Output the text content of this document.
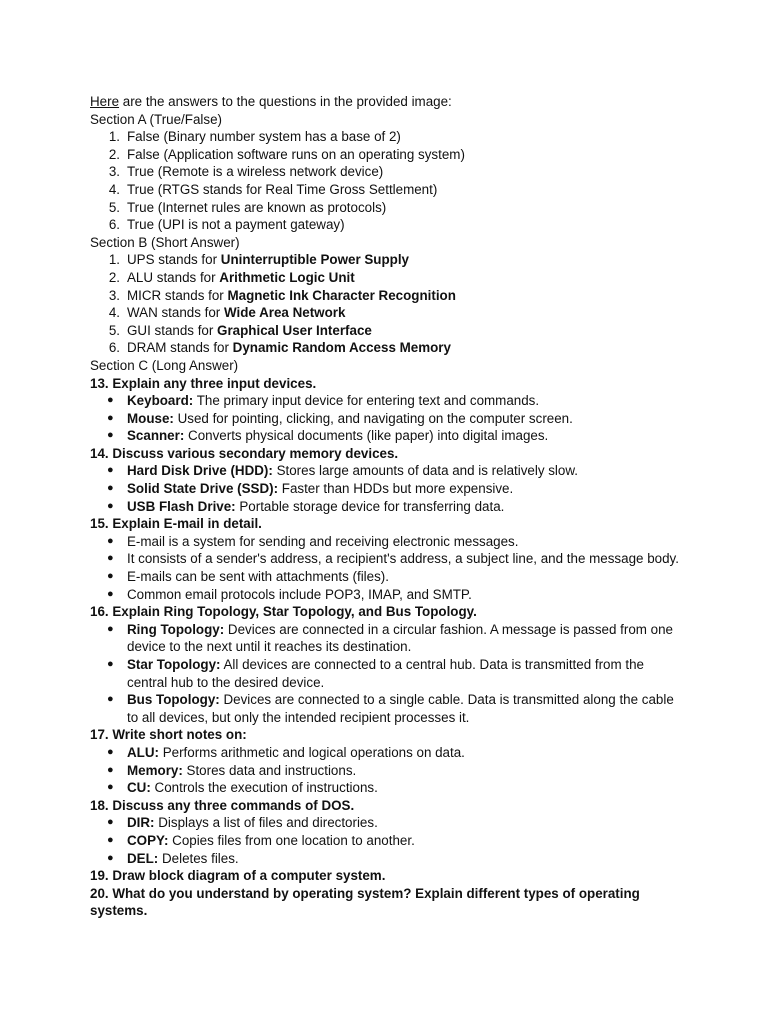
Here are the answers to the questions in the provided image:

Section A (True/False)

1. False (Binary number system has a base of 2)
2. False (Application software runs on an operating system)
3. True (Remote is a wireless network device)
4. True (RTGS stands for Real Time Gross Settlement)
5. True (Internet rules are known as protocols)
6. True (UPI is not a payment gateway)

Section B (Short Answer)

1. UPS stands for Uninterruptible Power Supply
2. ALU stands for Arithmetic Logic Unit
3. MICR stands for Magnetic Ink Character Recognition
4. WAN stands for Wide Area Network
5. GUI stands for Graphical User Interface
6. DRAM stands for Dynamic Random Access Memory

Section C (Long Answer)

13. Explain any three input devices.

● Keyboard: The primary input device for entering text and commands.
● Mouse: Used for pointing, clicking, and navigating on the computer screen.
● Scanner: Converts physical documents (like paper) into digital images.

14. Discuss various secondary memory devices.

● Hard Disk Drive (HDD): Stores large amounts of data and is relatively slow.
● Solid State Drive (SSD): Faster than HDDs but more expensive.
● USB Flash Drive: Portable storage device for transferring data.

15. Explain E-mail in detail.

● E-mail is a system for sending and receiving electronic messages.
● It consists of a sender's address, a recipient's address, a subject line, and the message body.
● E-mails can be sent with attachments (files).
● Common email protocols include POP3, IMAP, and SMTP.

16. Explain Ring Topology, Star Topology, and Bus Topology.

● Ring Topology: Devices are connected in a circular fashion. A message is passed from one device to the next until it reaches its destination.
● Star Topology: All devices are connected to a central hub. Data is transmitted from the central hub to the desired device.
● Bus Topology: Devices are connected to a single cable. Data is transmitted along the cable to all devices, but only the intended recipient processes it.

17. Write short notes on:

● ALU: Performs arithmetic and logical operations on data.
● Memory: Stores data and instructions.
● CU: Controls the execution of instructions.

18. Discuss any three commands of DOS.

● DIR: Displays a list of files and directories.
● COPY: Copies files from one location to another.
● DEL: Deletes files.

19. Draw block diagram of a computer system.

20. What do you understand by operating system? Explain different types of operating systems.
